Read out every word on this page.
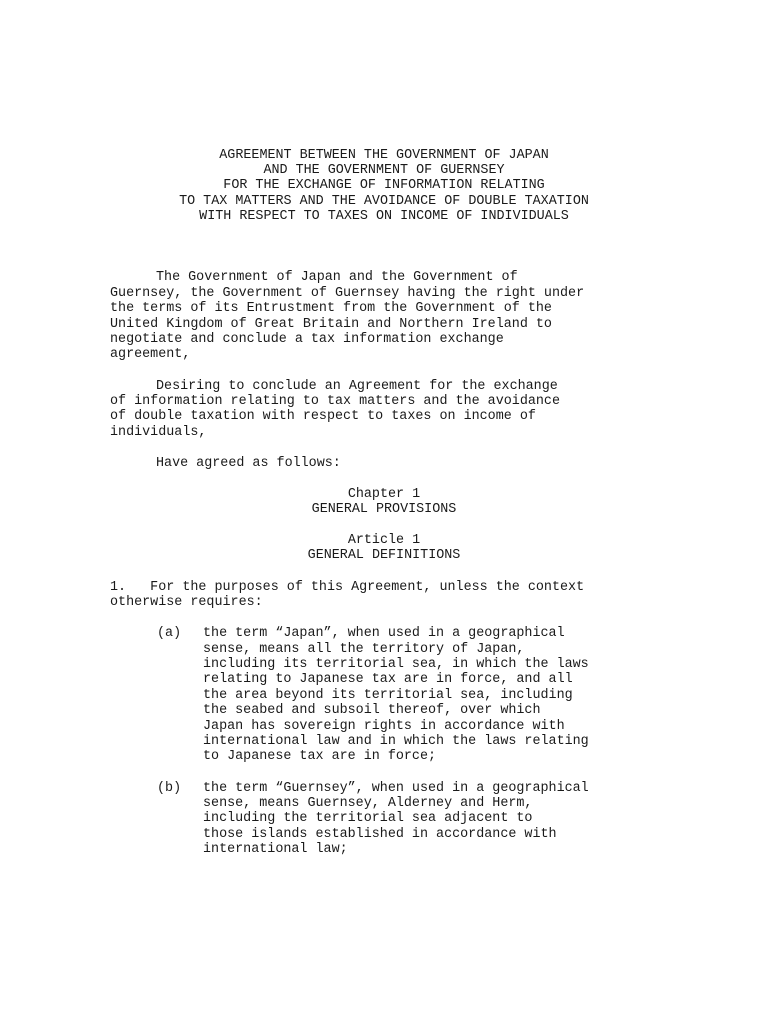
AGREEMENT BETWEEN THE GOVERNMENT OF JAPAN
AND THE GOVERNMENT OF GUERNSEY
FOR THE EXCHANGE OF INFORMATION RELATING
TO TAX MATTERS AND THE AVOIDANCE OF DOUBLE TAXATION
WITH RESPECT TO TAXES ON INCOME OF INDIVIDUALS
The Government of Japan and the Government of
Guernsey, the Government of Guernsey having the right under
the terms of its Entrustment from the Government of the
United Kingdom of Great Britain and Northern Ireland to
negotiate and conclude a tax information exchange
agreement,
Desiring to conclude an Agreement for the exchange
of information relating to tax matters and the avoidance
of double taxation with respect to taxes on income of
individuals,
Have agreed as follows:
Chapter 1
GENERAL PROVISIONS
Article 1
GENERAL DEFINITIONS
1.   For the purposes of this Agreement, unless the context
otherwise requires:
(a) the term “Japan”, when used in a geographical
sense, means all the territory of Japan,
including its territorial sea, in which the laws
relating to Japanese tax are in force, and all
the area beyond its territorial sea, including
the seabed and subsoil thereof, over which
Japan has sovereign rights in accordance with
international law and in which the laws relating
to Japanese tax are in force;
(b) the term “Guernsey”, when used in a geographical
sense, means Guernsey, Alderney and Herm,
including the territorial sea adjacent to
those islands established in accordance with
international law;
